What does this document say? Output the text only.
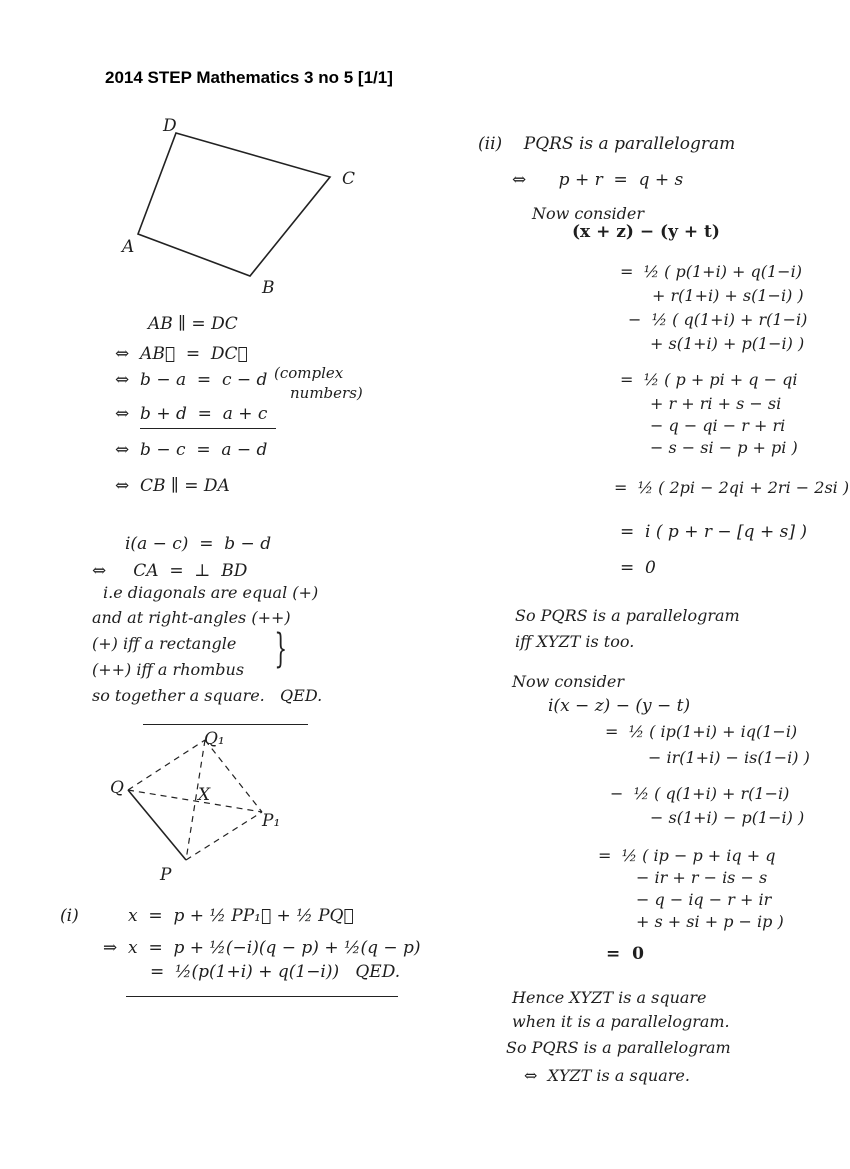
2014 STEP Mathematics 3 no 5 [1/1]
A
B
C
D
Q₁
Q	X
P₁
P
AB ∥ = DC
⇔  AB⃗  =  DC⃗
⇔  b − a  =  c − d (complex
numbers)
⇔  b + d  =  a + c
⇔  b − c  =  a − d
⇔  CB ∥ = DA
i(a − c)  =  b − d
⇔     CA  =  ⊥  BD
i.e diagonals are equal (+)
and at right-angles (++)
(+) iff a rectangle
(++) iff a rhombus }
so together a square.   QED.
(i)	x  =  p + ½ PP₁⃗ + ½ PQ⃗
⇒  x  =  p + ½(−i)(q − p) + ½(q − p)
=  ½(p(1+i) + q(1−i))   QED.
(ii)    PQRS is a parallelogram
⇔      p + r  =  q + s
Now consider
(x + z) − (y + t)
=  ½ ( p(1+i) + q(1−i)
+ r(1+i) + s(1−i) )
−  ½ ( q(1+i) + r(1−i)
+ s(1+i) + p(1−i) )
=  ½ ( p + pi + q − qi
+ r + ri + s − si
− q − qi − r + ri
− s − si − p + pi )
=  ½ ( 2pi − 2qi + 2ri − 2si )
=  i ( p + r − [q + s] )
=  0
So PQRS is a parallelogram
iff XYZT is too.
Now consider
i(x − z) − (y − t)
=  ½ ( ip(1+i) + iq(1−i)
− ir(1+i) − is(1−i) )
−  ½ ( q(1+i) + r(1−i)
− s(1+i) − p(1−i) )
=  ½ ( ip − p + iq + q
− ir + r − is − s
− q − iq − r + ir
+ s + si + p − ip )
=  0
Hence XYZT is a square
when it is a parallelogram.
So PQRS is a parallelogram
⇔  XYZT is a square.
